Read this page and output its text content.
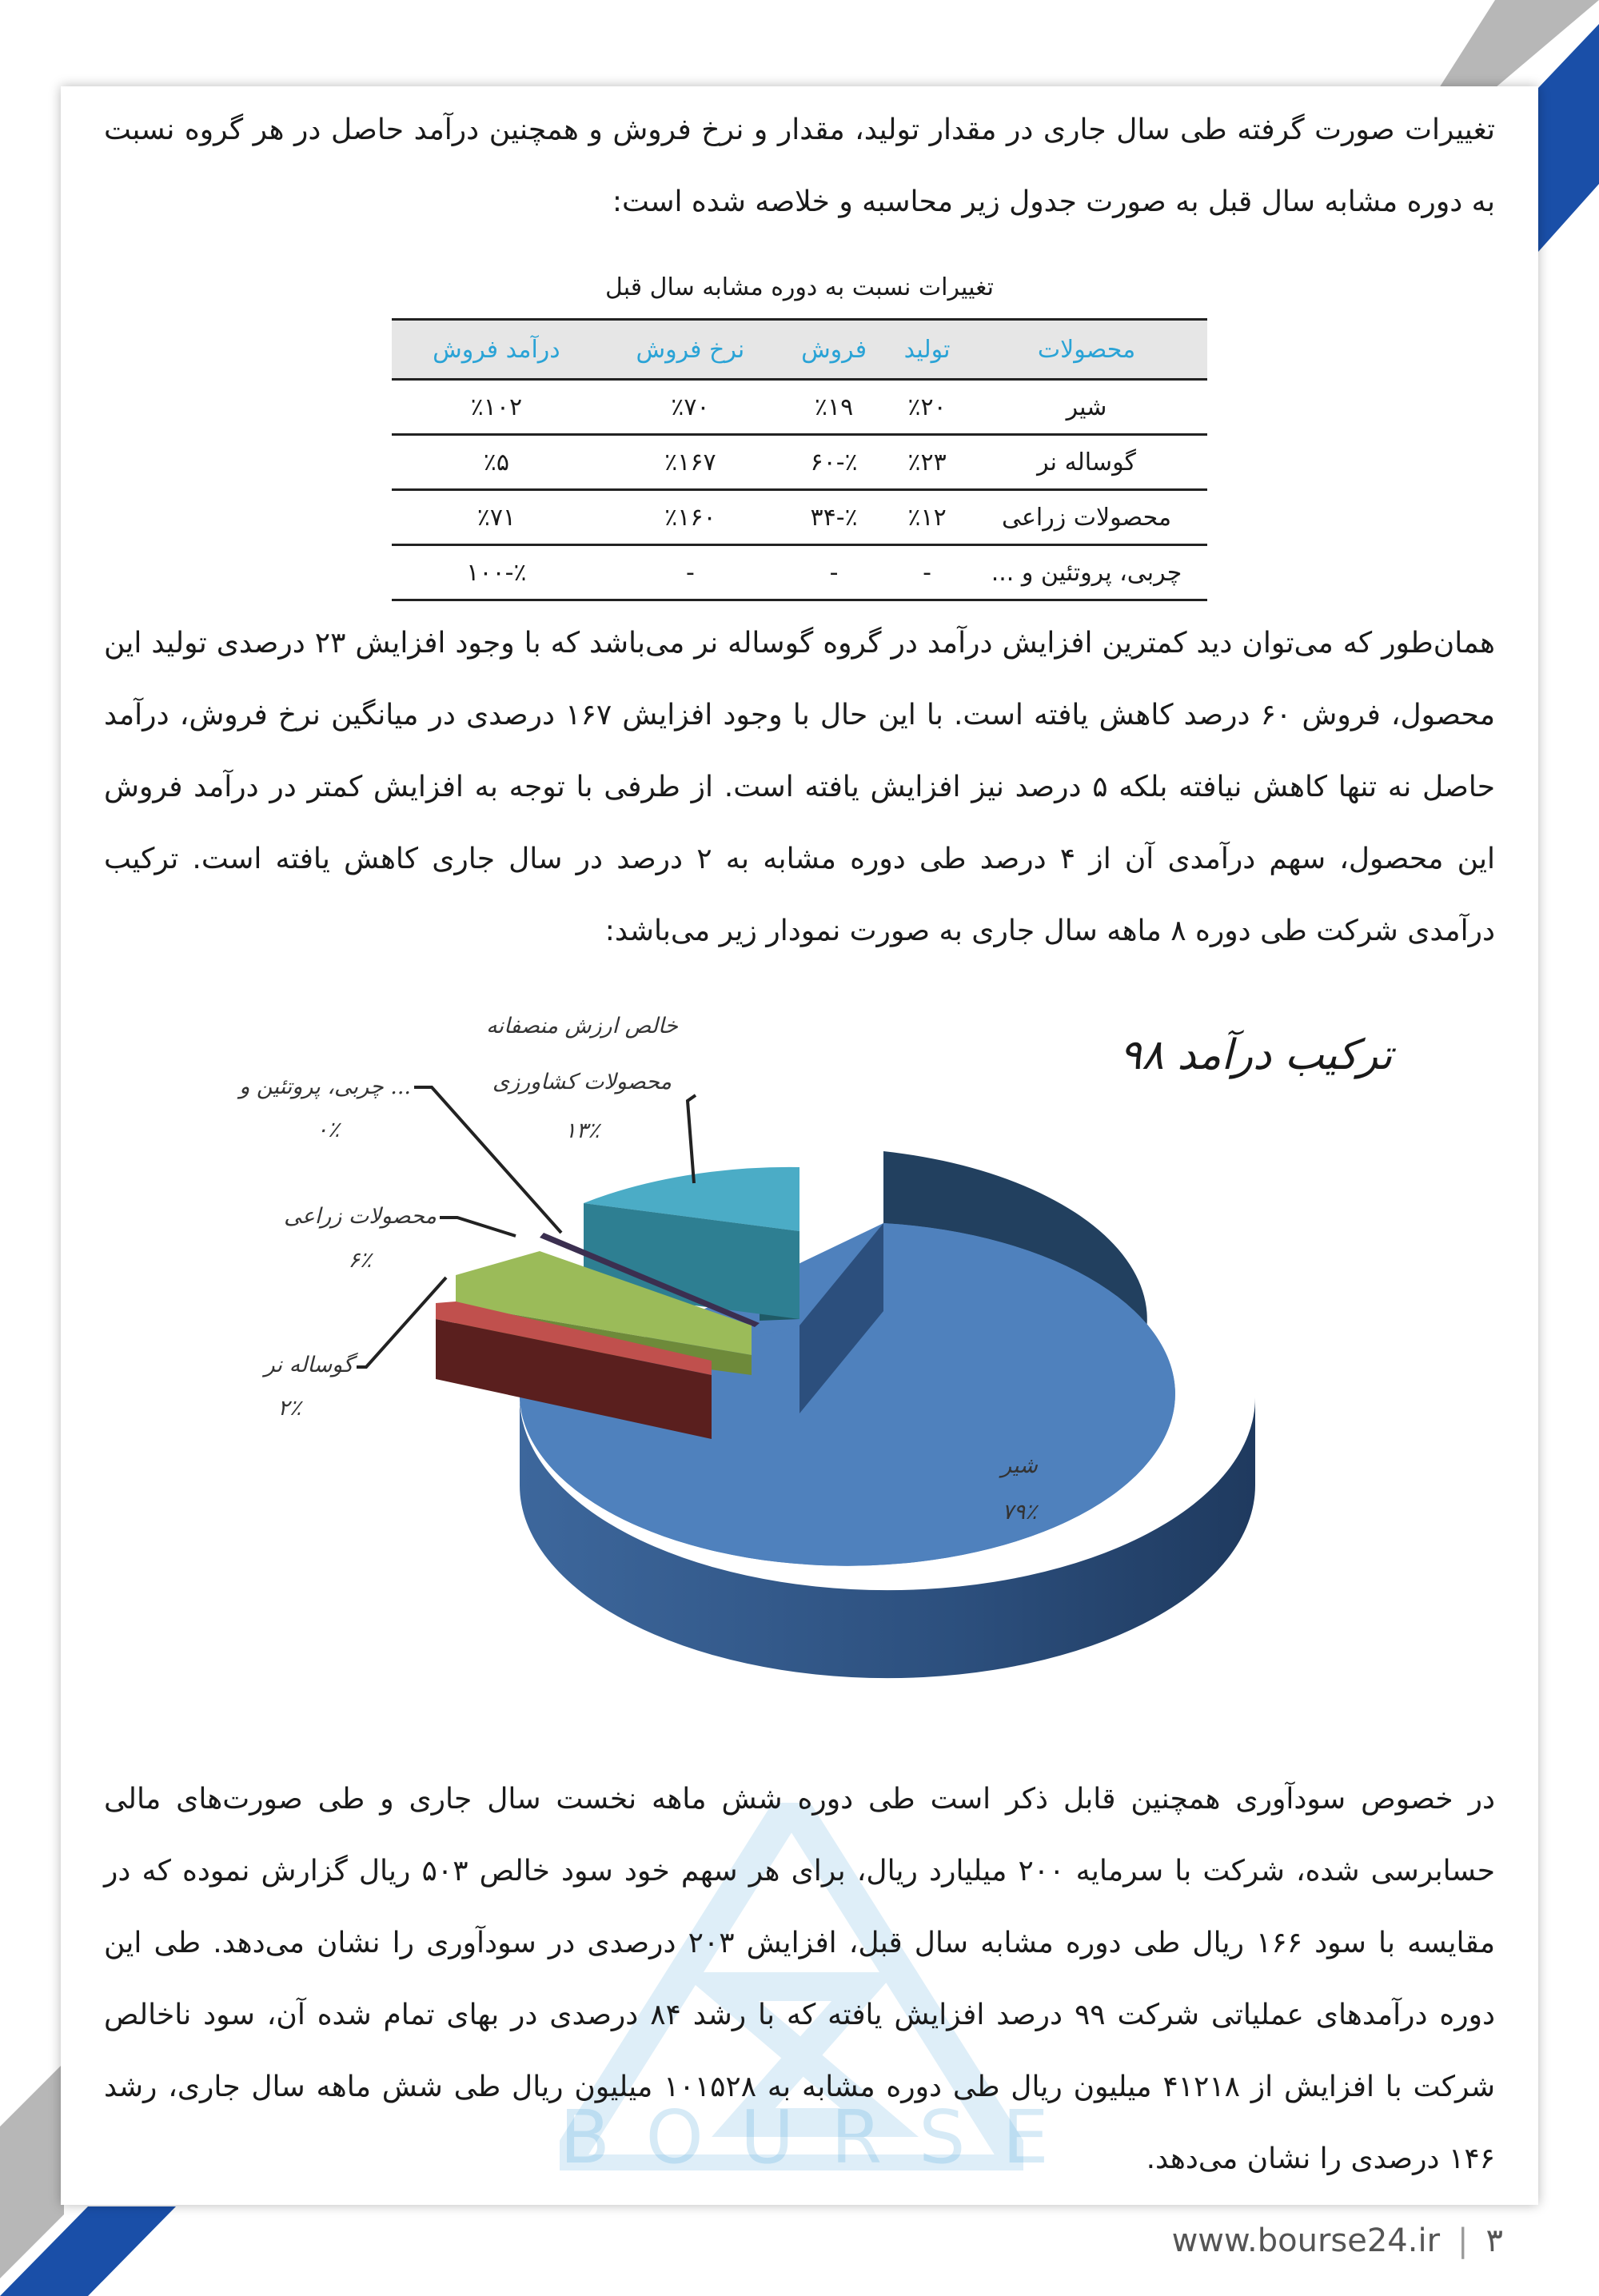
BOURSE

تغییرات صورت گرفته طی سال جاری در مقدار تولید، مقدار و نرخ فروش و همچنین درآمد حاصل در هر گروه نسبت به دوره مشابه سال قبل به صورت جدول زیر محاسبه و خلاصه شده است:

تغییرات نسبت به دوره مشابه سال قبل
محصولات	تولید	فروش	نرخ فروش	درآمد فروش
شیر	٪۲۰	٪۱۹	٪۷۰	٪۱۰۲
گوساله نر	٪۲۳	٪-۶۰	٪۱۶۷	٪۵
محصولات زراعی	٪۱۲	٪-۳۴	٪۱۶۰	٪۷۱
چربی، پروتئین و ...	-	-	-	٪-۱۰۰

همان‌طور که می‌توان دید کمترین افزایش درآمد در گروه گوساله نر می‌باشد که با وجود افزایش ۲۳ درصدی تولید این محصول، فروش ۶۰ درصد کاهش یافته است. با این حال با وجود افزایش ۱۶۷ درصدی در میانگین نرخ فروش، درآمد حاصل نه تنها کاهش نیافته بلکه ۵ درصد نیز افزایش یافته است. از طرفی با توجه به افزایش کمتر در درآمد فروش این محصول، سهم درآمدی آن از ۴ درصد طی دوره مشابه به ۲ درصد در سال جاری کاهش یافته است. ترکیب درآمدی شرکت طی دوره ۸ ماهه سال جاری به صورت نمودار زیر می‌باشد:

ترکیب درآمد ۹۸
خالص ارزش منصفانه
محصولات کشاورزی
۱۳٪
چربی، پروتئین و ...
۰٪
محصولات زراعی
۶٪
گوساله نر
۲٪
شیر
۷۹٪

در خصوص سودآوری همچنین قابل ذکر است طی دوره شش ماهه نخست سال جاری و طی صورت‌های مالی حسابرسی شده، شرکت با سرمایه ۲۰۰ میلیارد ریال، برای هر سهم خود سود خالص ۵۰۳ ریال گزارش نموده که در مقایسه با سود ۱۶۶ ریال طی دوره مشابه سال قبل، افزایش ۲۰۳ درصدی در سودآوری را نشان می‌دهد. طی این دوره درآمدهای عملیاتی شرکت ۹۹ درصد افزایش یافته که با رشد ۸۴ درصدی در بهای تمام شده آن، سود ناخالص شرکت با افزایش از ۴۱۲۱۸ میلیون ریال طی دوره مشابه به ۱۰۱۵۲۸ میلیون ریال طی شش ماهه سال جاری، رشد ۱۴۶ درصدی را نشان می‌دهد.

www.bourse24.ir | ۳
